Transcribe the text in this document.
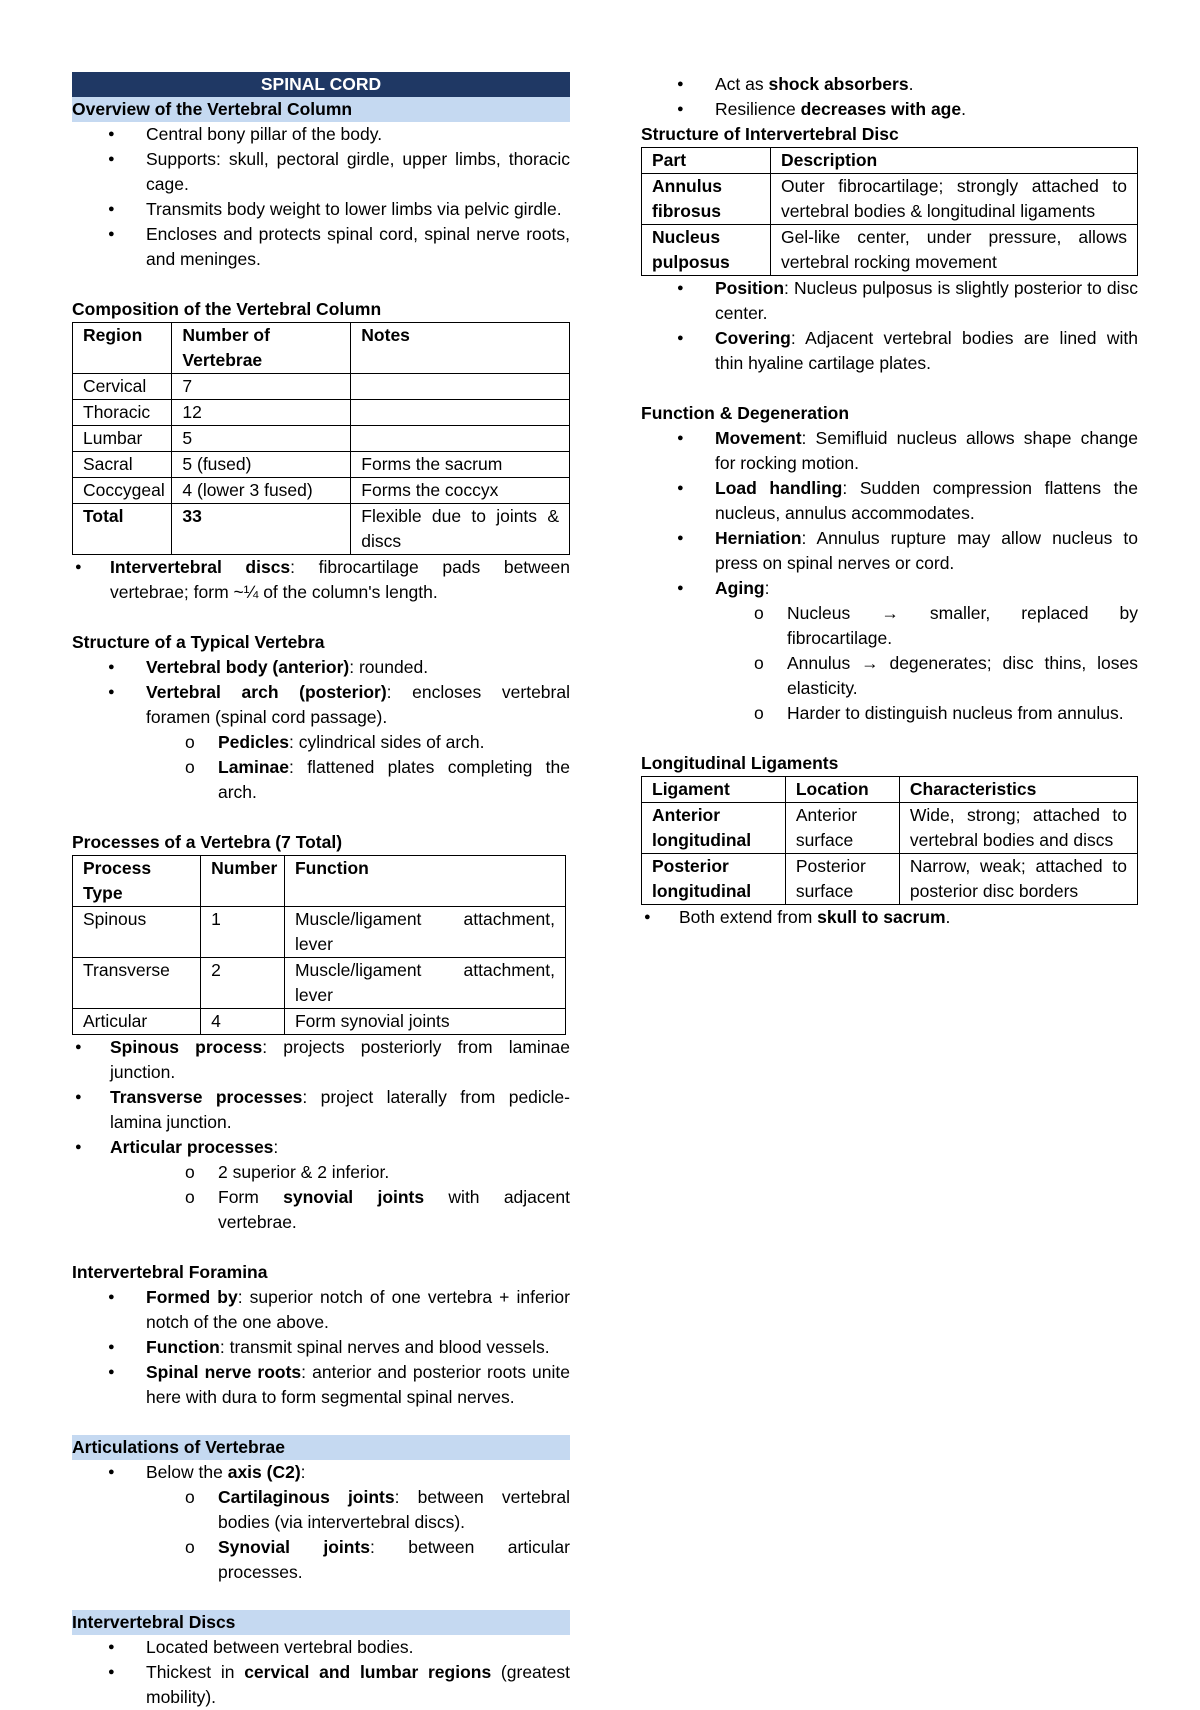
SPINAL CORD
Overview of the Vertebral Column
● Central bony pillar of the body.
● Supports: skull, pectoral girdle, upper limbs, thoracic cage.
● Transmits body weight to lower limbs via pelvic girdle.
● Encloses and protects spinal cord, spinal nerve roots, and meninges.
Composition of the Vertebral Column
Region	Number of Vertebrae	Notes
Cervical	7	
Thoracic	12	
Lumbar	5	
Sacral	5 (fused)	Forms the sacrum
Coccygeal	4 (lower 3 fused)	Forms the coccyx
Total	33	Flexible due to joints & discs
● Intervertebral discs: fibrocartilage pads between vertebrae; form ~¼ of the column's length.
Structure of a Typical Vertebra
● Vertebral body (anterior): rounded.
● Vertebral arch (posterior): encloses vertebral foramen (spinal cord passage).
o Pedicles: cylindrical sides of arch.
o Laminae: flattened plates completing the arch.
Processes of a Vertebra (7 Total)
Process Type	Number	Function
Spinous	1	Muscle/ligament attachment, lever
Transverse	2	Muscle/ligament attachment, lever
Articular	4	Form synovial joints
● Spinous process: projects posteriorly from laminae junction.
● Transverse processes: project laterally from pedicle-lamina junction.
● Articular processes:
o 2 superior & 2 inferior.
o Form synovial joints with adjacent vertebrae.
Intervertebral Foramina
● Formed by: superior notch of one vertebra + inferior notch of the one above.
● Function: transmit spinal nerves and blood vessels.
● Spinal nerve roots: anterior and posterior roots unite here with dura to form segmental spinal nerves.
Articulations of Vertebrae
● Below the axis (C2):
o Cartilaginous joints: between vertebral bodies (via intervertebral discs).
o Synovial joints: between articular processes.
Intervertebral Discs
● Located between vertebral bodies.
● Thickest in cervical and lumbar regions (greatest mobility).
● Act as shock absorbers.
● Resilience decreases with age.
Structure of Intervertebral Disc
Part	Description
Annulus fibrosus	Outer fibrocartilage; strongly attached to vertebral bodies & longitudinal ligaments
Nucleus pulposus	Gel-like center, under pressure, allows vertebral rocking movement
● Position: Nucleus pulposus is slightly posterior to disc center.
● Covering: Adjacent vertebral bodies are lined with thin hyaline cartilage plates.
Function & Degeneration
● Movement: Semifluid nucleus allows shape change for rocking motion.
● Load handling: Sudden compression flattens the nucleus, annulus accommodates.
● Herniation: Annulus rupture may allow nucleus to press on spinal nerves or cord.
● Aging:
o Nucleus → smaller, replaced by fibrocartilage.
o Annulus → degenerates; disc thins, loses elasticity.
o Harder to distinguish nucleus from annulus.
Longitudinal Ligaments
Ligament	Location	Characteristics
Anterior longitudinal	Anterior surface	Wide, strong; attached to vertebral bodies and discs
Posterior longitudinal	Posterior surface	Narrow, weak; attached to posterior disc borders
● Both extend from skull to sacrum.
